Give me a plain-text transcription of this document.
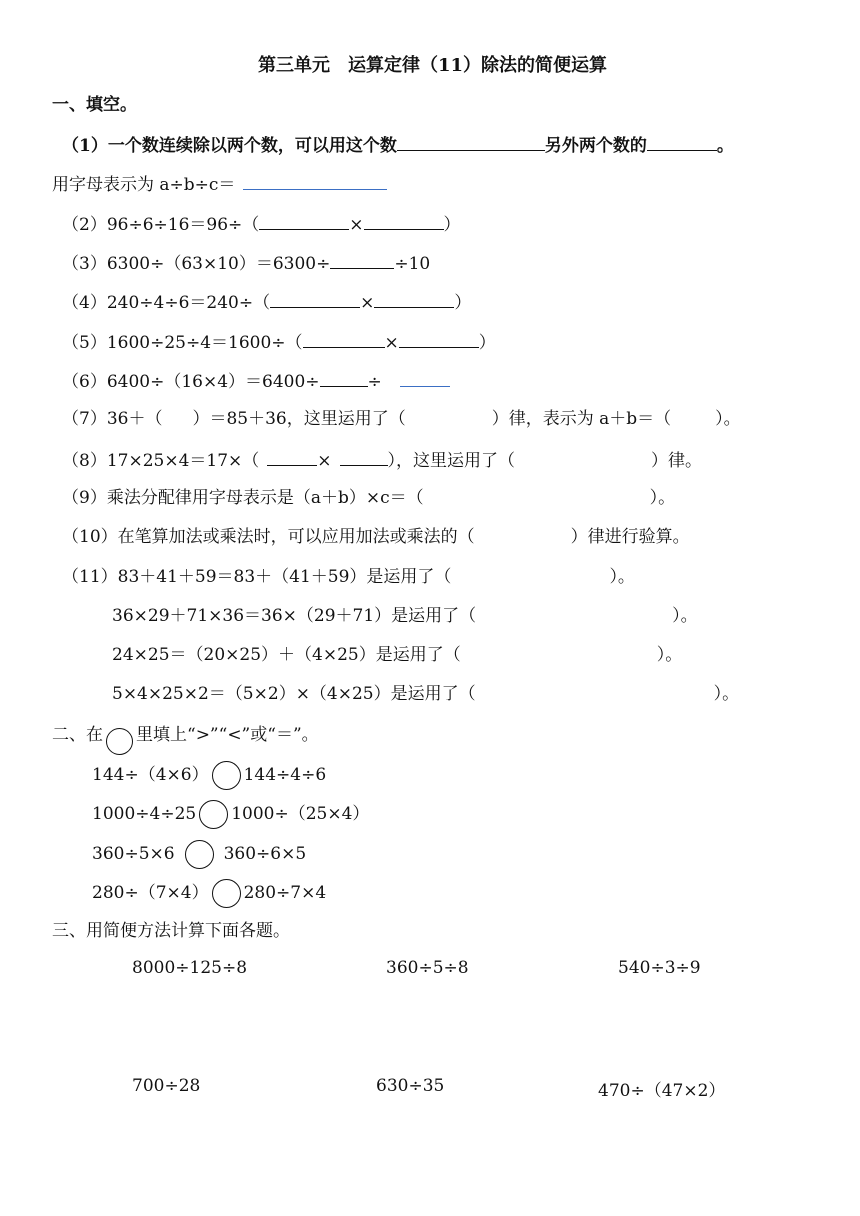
第三单元　运算定律（11）除法的简便运算
一、填空。
（1）一个数连续除以两个数，可以用这个数	另外两个数的	。
用字母表示为 a÷b÷c＝
（2）96÷6÷16＝96÷（	×	）
（3）6300÷（63×10）＝6300÷	÷10
（4）240÷4÷6＝240÷（	×	）
（5）1600÷25÷4＝1600÷（	×	）
（6）6400÷（16×4）＝6400÷	÷
（7）36＋（ ）＝85＋36，这里运用了（	）律，表示为 a＋b＝（	）。
（8）17×25×4＝17×（	×	），这里运用了（	）律。
（9）乘法分配律用字母表示是（a＋b）×c＝（	）。
（10）在笔算加法或乘法时，可以应用加法或乘法的（	）律进行验算。
（11）83＋41＋59＝83＋（41＋59）是运用了（	）。
36×29＋71×36＝36×（29＋71）是运用了（	）。
24×25＝（20×25）＋（4×25）是运用了（	）。
5×4×25×2＝（5×2）×（4×25）是运用了（	）。
二、在 里填上“>”“<”或“＝”。
144÷（4×6） 144÷4÷6
1000÷4÷25 1000÷（25×4）
360÷5×6	360÷6×5
280÷（7×4） 280÷7×4
三、用简便方法计算下面各题。
8000÷125÷8	360÷5÷8	540÷3÷9
700÷28	630÷35	470÷（47×2）
